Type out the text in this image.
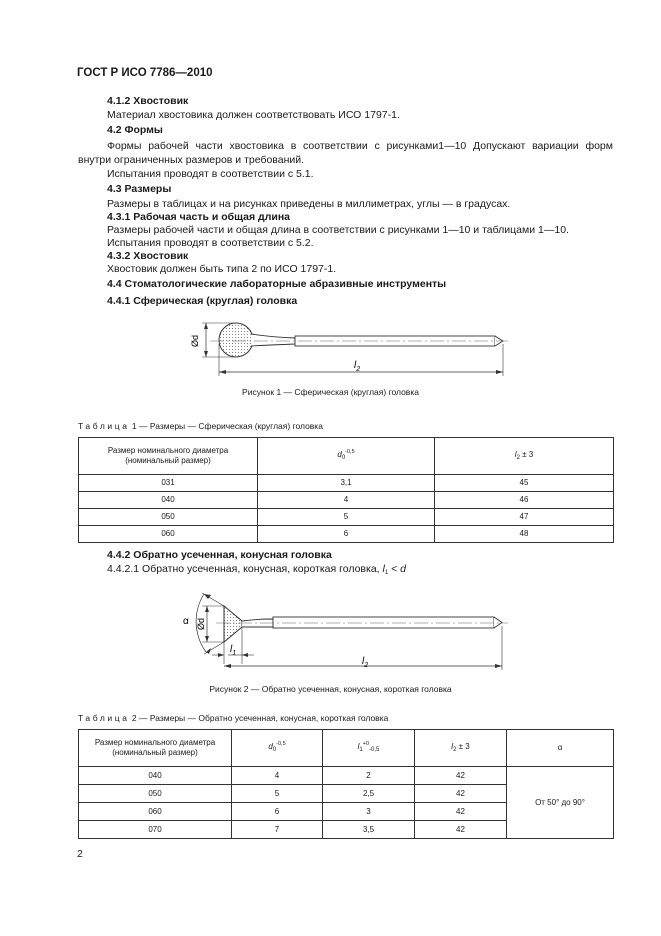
ГОСТ Р ИСО 7786—2010
4.1.2 Хвостовик
Материал хвостовика должен соответствовать ИСО 1797-1.
4.2 Формы
Формы рабочей части хвостовика в соответствии с рисунками1—10 Допускают вариации форм
внутри ограниченных размеров и требований.
Испытания проводят в соответствии с 5.1.
4.3 Размеры
Размеры в таблицах и на рисунках приведены в миллиметрах, углы — в градусах.
4.3.1 Рабочая часть и общая длина
Размеры рабочей части и общая длина в соответствии с рисунками 1—10 и таблицами 1—10.
Испытания проводят в соответствии с 5.2.
4.3.2 Хвостовик
Хвостовик должен быть типа 2 по ИСО 1797-1.
4.4 Стоматологические лабораторные абразивные инструменты
4.4.1 Сферическая (круглая) головка
Ød
$l_2$
Рисунок 1 — Сферическая (круглая) головка
Таблица 1 — Размеры — Сферическая (круглая) головка
Размер номинального диаметра
(номинальный размер)	$d_0^{-0,5}$	$l_2 \pm 3$
031	3,1	45
040	4	46
050	5	47
060	6	48
4.4.2 Обратно усеченная, конусная головка
4.4.2.1 Обратно усеченная, конусная, короткая головка, $l_1 < d$
α Ød
$l_1$
$l_2$
Рисунок 2 — Обратно усеченная, конусная, короткая головка
Таблица 2 — Размеры — Обратно усеченная, конусная, короткая головка
Размер номинального диаметра
(номинальный размер)	$d_0^{-0,5}$	$l_1^{+0}_{-0,5}$	$l_2 \pm 3$	α
040	4	2	42	От 50° до 90°
050	5	2,5	42	
060	6	3	42	
070	7	3,5	42	
2
